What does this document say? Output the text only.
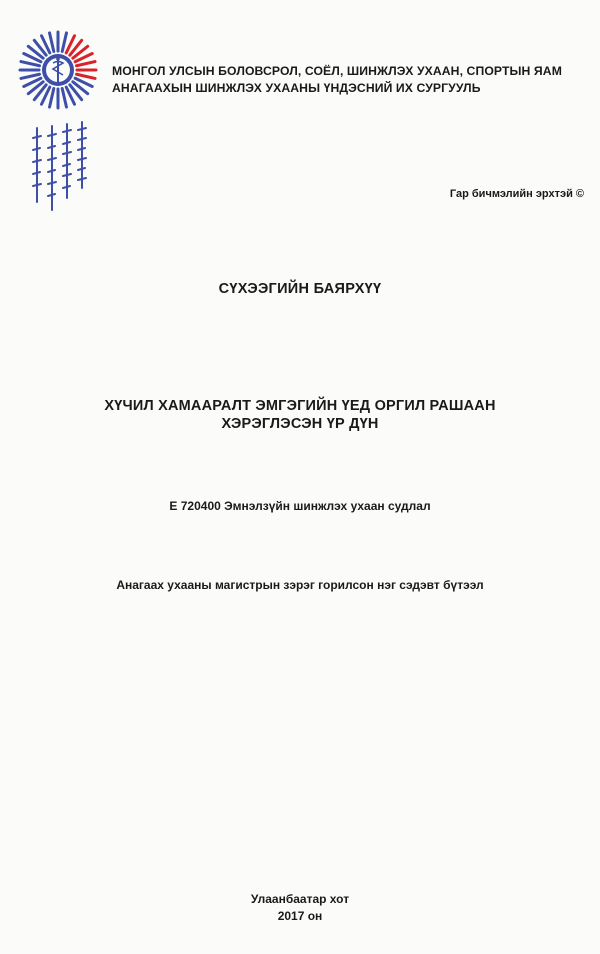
МОНГОЛ УЛСЫН БОЛОВСРОЛ, СОЁЛ, ШИНЖЛЭХ УХААН, СПОРТЫН ЯАМ
АНАГААХЫН ШИНЖЛЭХ УХААНЫ ҮНДЭСНИЙ ИХ СУРГУУЛЬ
Гар бичмэлийн эрхтэй ©
СҮХЭЭГИЙН БАЯРХҮҮ
ХҮЧИЛ ХАМААРАЛТ ЭМГЭГИЙН ҮЕД ОРГИЛ РАШААН
ХЭРЭГЛЭСЭН ҮР ДҮН
Е 720400 Эмнэлзүйн шинжлэх ухаан судлал
Анагаах ухааны магистрын зэрэг горилсон нэг сэдэвт бүтээл
Улаанбаатар хот
2017 он
